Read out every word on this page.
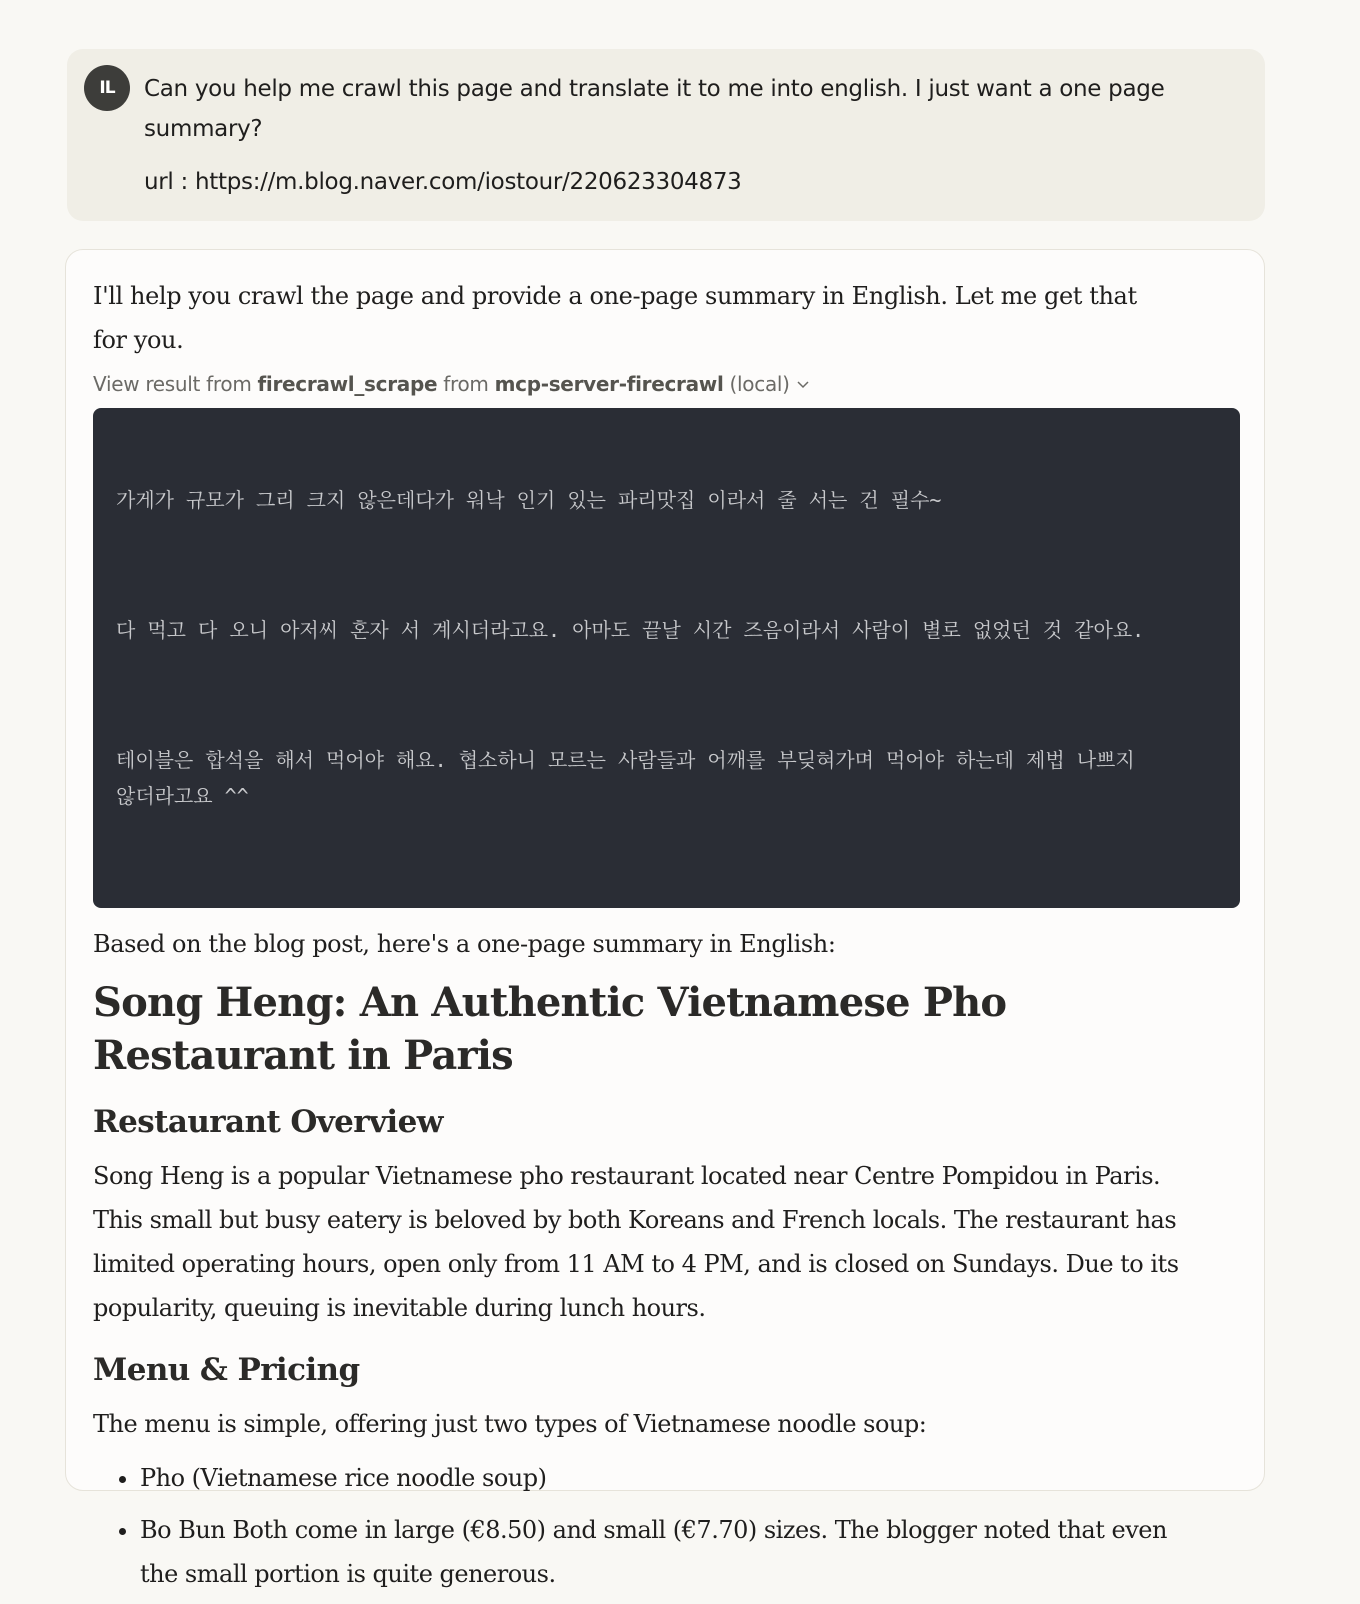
IL	Can you help me crawl this page and translate it to me into english. I just want a one page summary?

url : https://m.blog.naver.com/iostour/220623304873

I'll help you crawl the page and provide a one-page summary in English. Let me get that for you.

View result from firecrawl_scrape from mcp-server-firecrawl (local)

가게가 규모가 그리 크지 않은데다가 워낙 인기 있는 파리맛집 이라서 줄 서는 건 필수~

다 먹고 다 오니 아저씨 혼자 서 계시더라고요. 아마도 끝날 시간 즈음이라서 사람이 별로 없었던 것 같아요.

테이블은 합석을 해서 먹어야 해요. 협소하니 모르는 사람들과 어깨를 부딪혀가며 먹어야 하는데 제법 나쁘지 않더라고요 ^^

Based on the blog post, here's a one-page summary in English:

Song Heng: An Authentic Vietnamese Pho Restaurant in Paris
Restaurant Overview

Song Heng is a popular Vietnamese pho restaurant located near Centre Pompidou in Paris. This small but busy eatery is beloved by both Koreans and French locals. The restaurant has limited operating hours, open only from 11 AM to 4 PM, and is closed on Sundays. Due to its popularity, queuing is inevitable during lunch hours.

Menu & Pricing

The menu is simple, offering just two types of Vietnamese noodle soup:

• Pho (Vietnamese rice noodle soup)
• Bo Bun Both come in large (€8.50) and small (€7.70) sizes. The blogger noted that even the small portion is quite generous.
